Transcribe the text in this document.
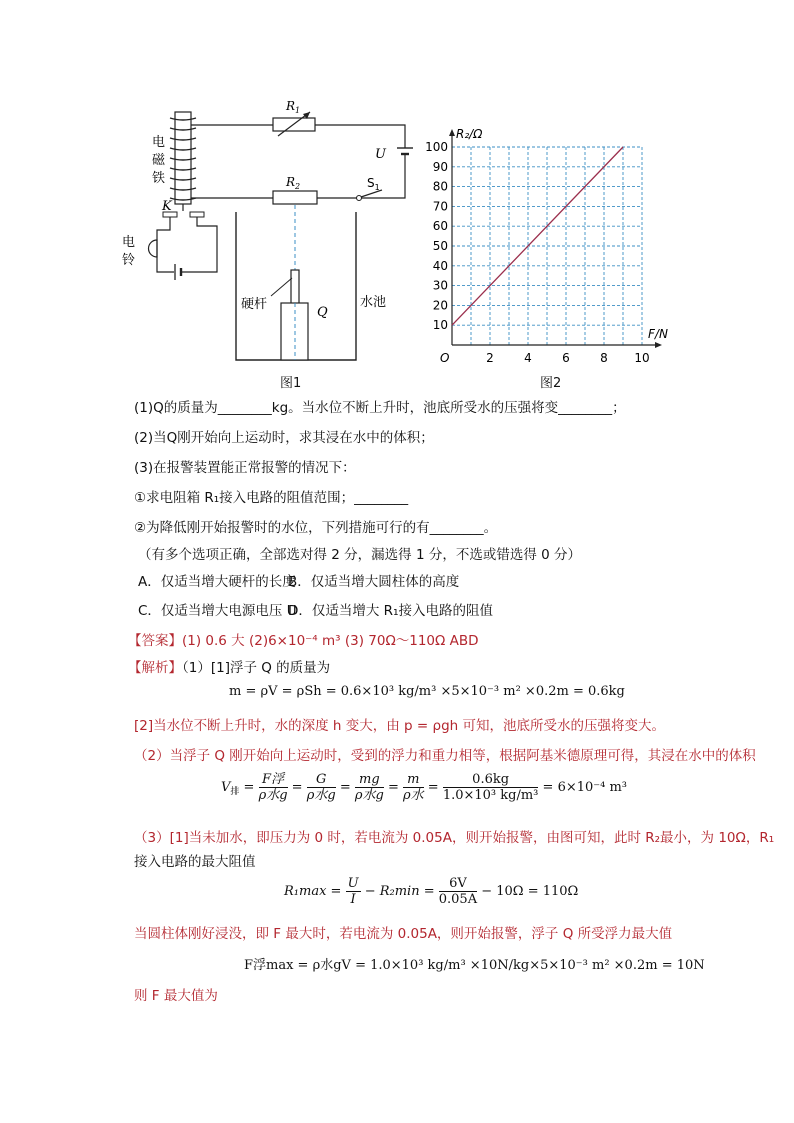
电
磁
铁
$R_1$
$R_2$
U
$S_1$
K
电
铃
硬杆
Q
水池
图1
2	4	6	8 10
10
20
30
40
50
60
70
80
90
100
R₂/Ω
F/N
O
图2
(1)Q的质量为________kg。当水位不断上升时，池底所受水的压强将变________；
(2)当Q刚开始向上运动时，求其浸在水中的体积；
(3)在报警装置能正常报警的情况下：
①求电阻箱 R₁接入电路的阻值范围；________
②为降低刚开始报警时的水位，下列措施可行的有________。
（有多个选项正确，全部选对得 2 分，漏选得 1 分，不选或错选得 0 分）
A．仅适当增大硬杆的长度
B．仅适当增大圆柱体的高度
C．仅适当增大电源电压 U
D．仅适当增大 R₁接入电路的阻值
【答案】(1) 0.6 大 (2)6×10⁻⁴ m³ (3) 70Ω～110Ω ABD
【解析】（1）[1]浮子 Q 的质量为
m = ρV = ρSh = 0.6×10³ kg/m³ ×5×10⁻³ m² ×0.2m = 0.6kg
[2]当水位不断上升时，水的深度 h 变大，由 p = ρgh 可知，池底所受水的压强将变大。
（2）当浮子 Q 刚开始向上运动时，受到的浮力和重力相等，根据阿基米德原理可得，其浸在水中的体积
$V_排 = \frac{\text{F浮}}{\text{ρ水g}} = \frac{G}{\text{ρ水g}} = \frac{mg}{\text{ρ水g}} = \frac{m}{\text{ρ水}} = \frac{0.6kg}{\text{1.0×10³ kg/m³}} = 6\times 10^{-4}$ m³
（3）[1]当未加水，即压力为 0 时，若电流为 0.05A，则开始报警，由图可知，此时 R₂最小，为 10Ω，R₁
接入电路的最大阻值
$R_1\max = \frac{U}{I} - R_2\min = \frac{6V}{0.05A} - 10\Omega = 110\Omega$
当圆柱体刚好浸没，即 F 最大时，若电流为 0.05A，则开始报警，浮子 Q 所受浮力最大值
F浮max = ρ水gV = 1.0×10³ kg/m³ ×10N/kg×5×10⁻³ m² ×0.2m = 10N
则 F 最大值为
